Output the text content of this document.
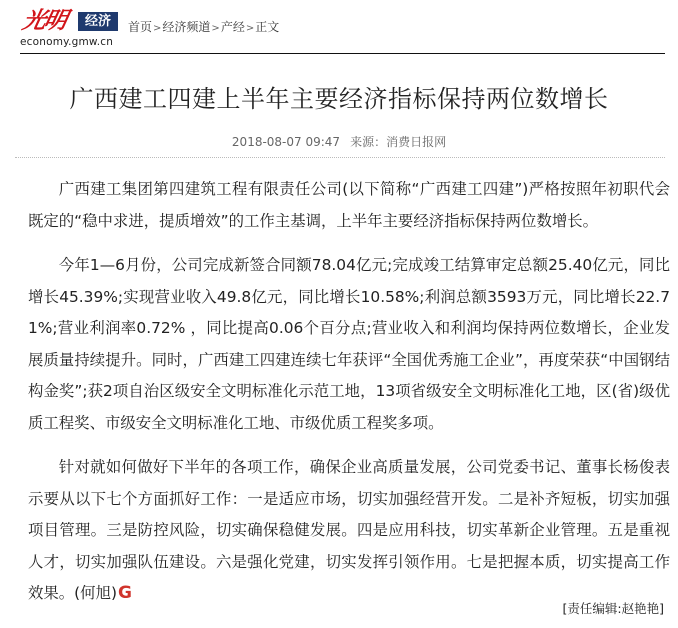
光明	经济
economy.gmw.cn
首页>经济频道>产经>正文
广西建工四建上半年主要经济指标保持两位数增长
2018-08-07 09:47 来源：消费日报网

广西建工集团第四建筑工程有限责任公司(以下简称“广西建工四建”)严格按照年初职代会既定的“稳中求进，提质增效”的工作主基调，上半年主要经济指标保持两位数增长。

今年1—6月份，公司完成新签合同额78.04亿元;完成竣工结算审定总额25.40亿元，同比增长45.39%;实现营业收入49.8亿元，同比增长10.58%;利润总额3593万元，同比增长22.71%;营业利润率0.72% ，同比提高0.06个百分点;营业收入和利润均保持两位数增长，企业发展质量持续提升。同时，广西建工四建连续七年获评“全国优秀施工企业”，再度荣获“中国钢结构金奖”;获2项自治区级安全文明标准化示范工地，13项省级安全文明标准化工地，区(省)级优质工程奖、市级安全文明标准化工地、市级优质工程奖多项。

针对就如何做好下半年的各项工作，确保企业高质量发展，公司党委书记、董事长杨俊表示要从以下七个方面抓好工作：一是适应市场，切实加强经营开发。二是补齐短板，切实加强项目管理。三是防控风险，切实确保稳健发展。四是应用科技，切实革新企业管理。五是重视人才，切实加强队伍建设。六是强化党建，切实发挥引领作用。七是把握本质，切实提高工作效果。(何旭)G

[责任编辑:赵艳艳]
